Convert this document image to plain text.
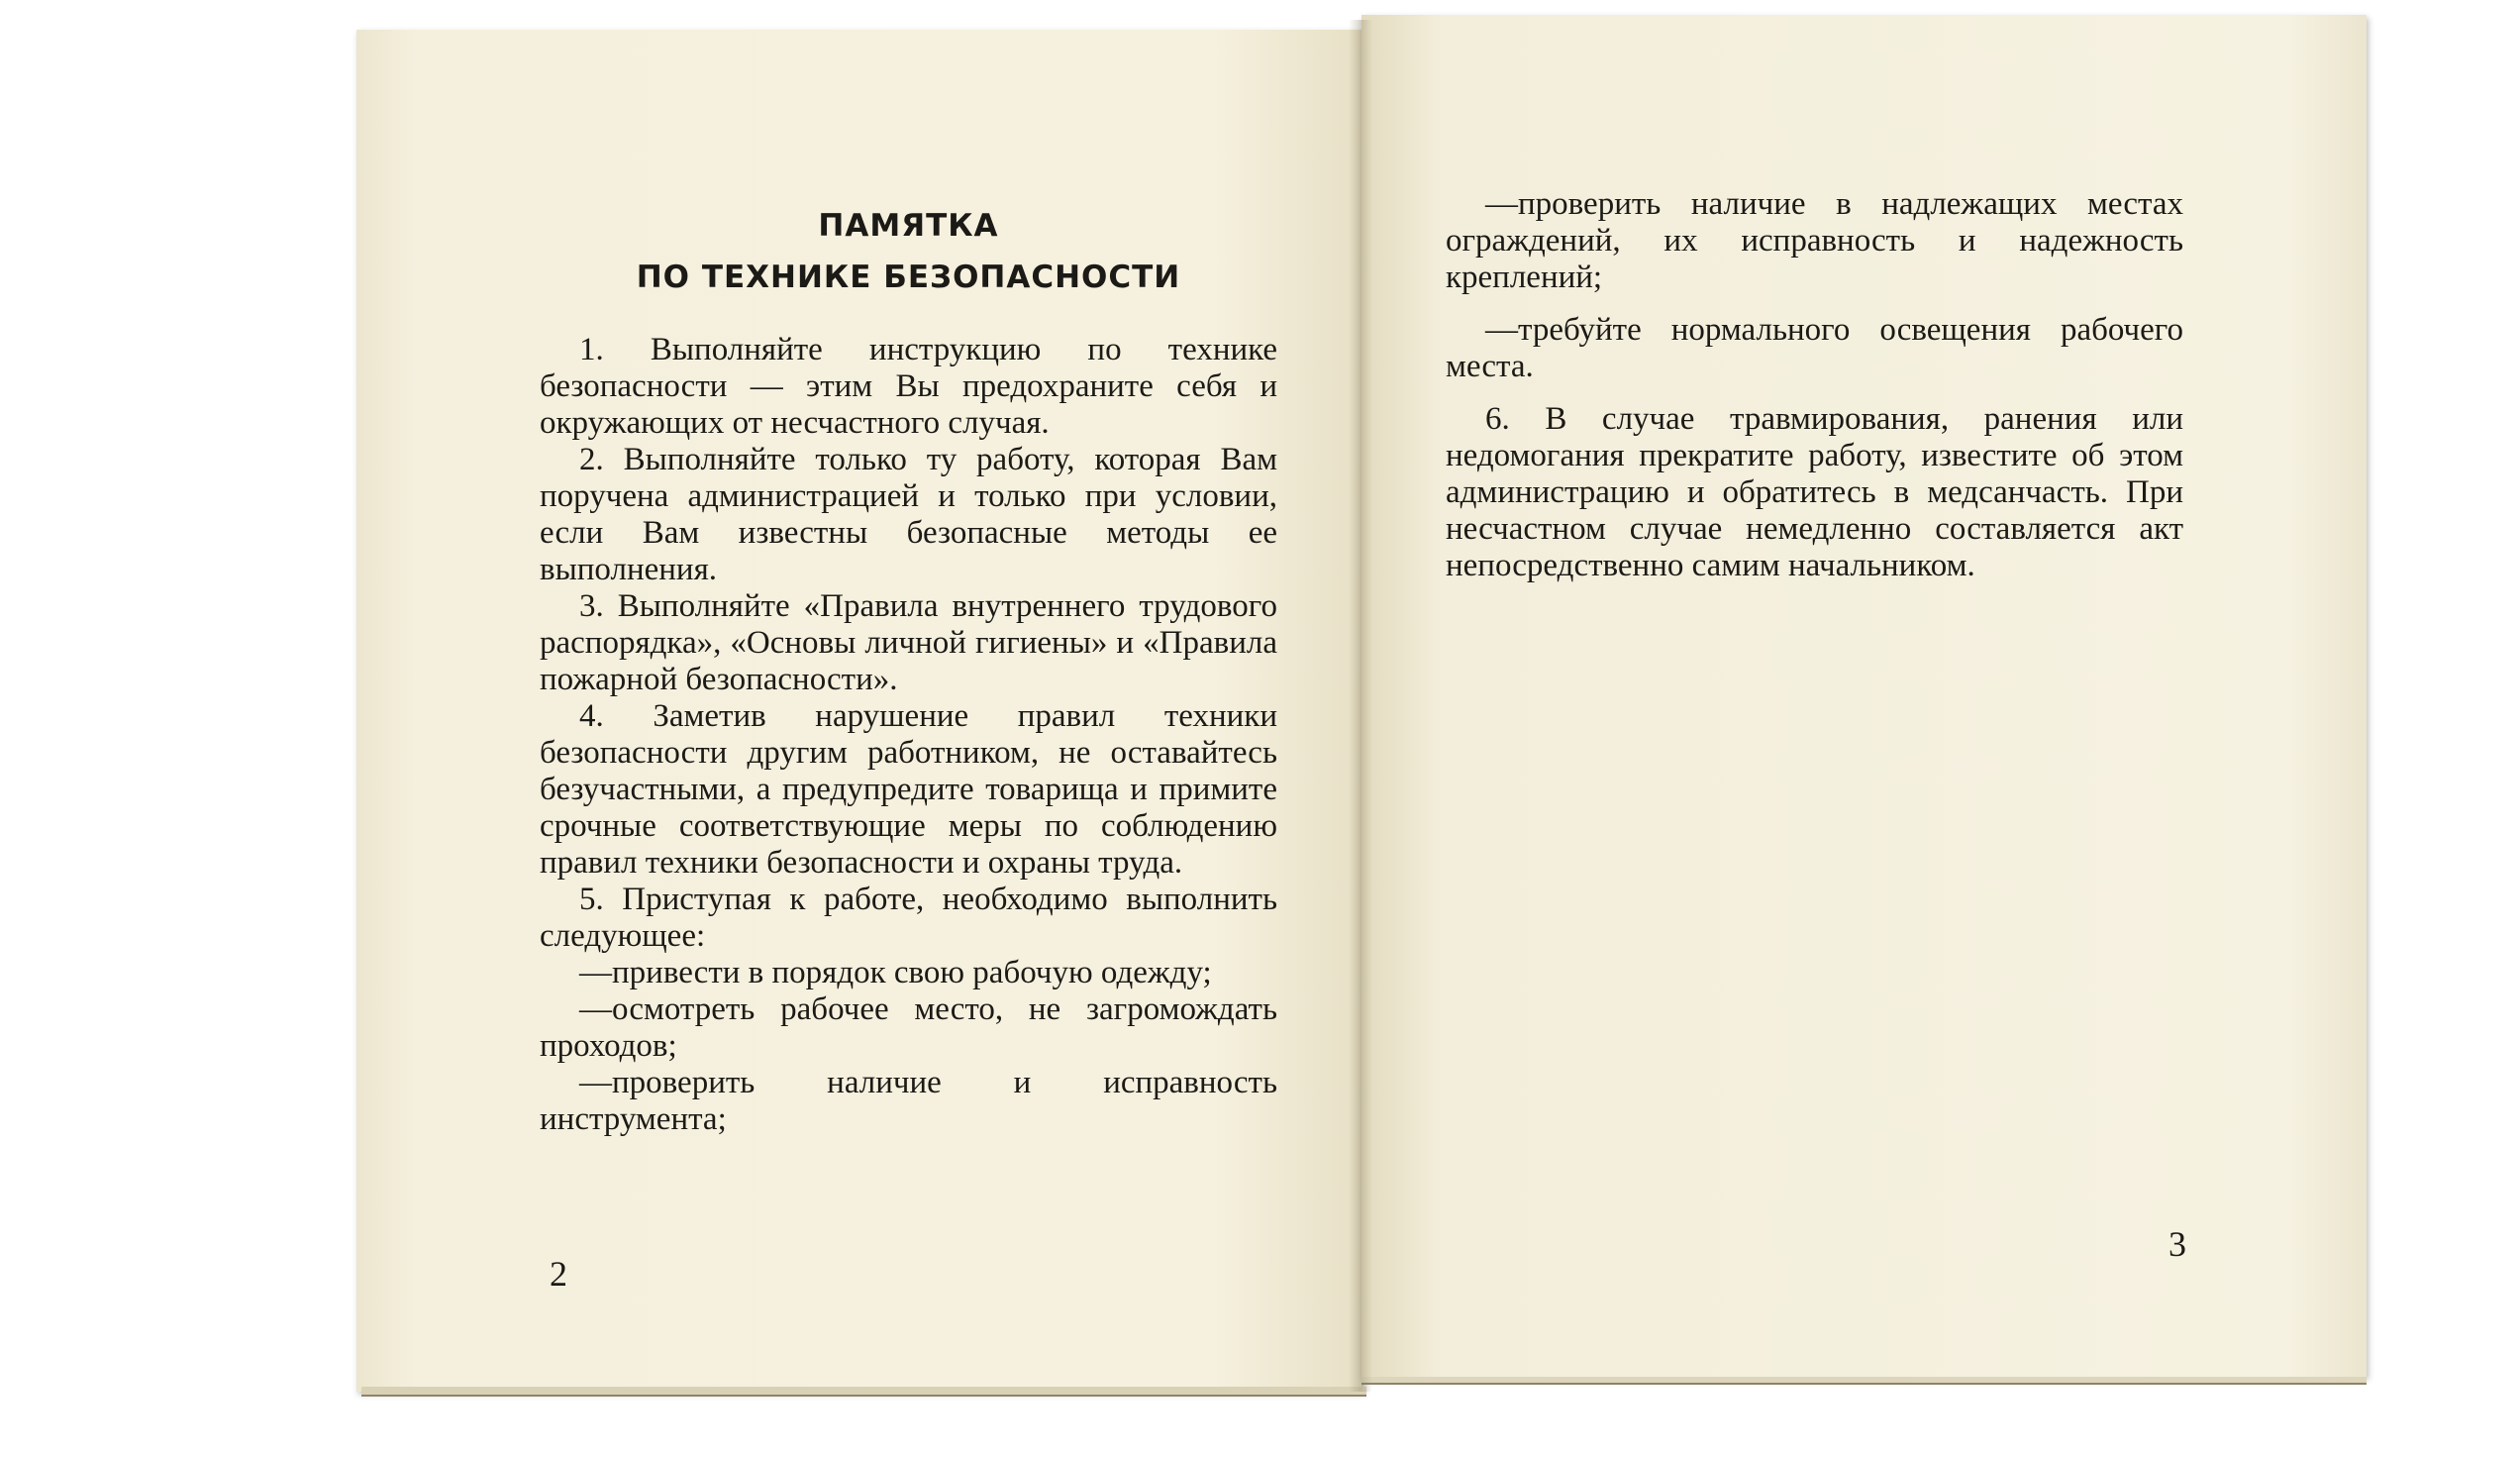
ПАМЯТКА
ПО ТЕХНИКЕ БЕЗОПАСНОСТИ

1. Выполняйте инструкцию по технике безопасности — этим Вы предохраните себя и окружающих от несчастного случая.

2. Выполняйте только ту работу, которая Вам поручена администрацией и только при условии, если Вам известны безопасные методы ее выполнения.

3. Выполняйте «Правила внутреннего трудового распорядка», «Основы личной гигиены» и «Правила пожарной безопасности».

4. Заметив нарушение правил техники безопасности другим работником, не оставайтесь безучастными, а предупредите товарища и примите срочные соответствующие меры по соблюдению правил техники безопасности и охраны труда.

5. Приступая к работе, необходимо выполнить следующее:

—привести в порядок свою рабочую одежду;

—осмотреть рабочее место, не загромождать проходов;

—проверить наличие и исправность инструмента;

2

—проверить наличие в надлежащих местах ограждений, их исправность и надежность креплений;

—требуйте нормального освещения рабочего места.

6. В случае травмирования, ранения или недомогания прекратите работу, известите об этом администрацию и обратитесь в медсанчасть. При несчастном случае немедленно составляется акт непосредственно самим начальником.

3
